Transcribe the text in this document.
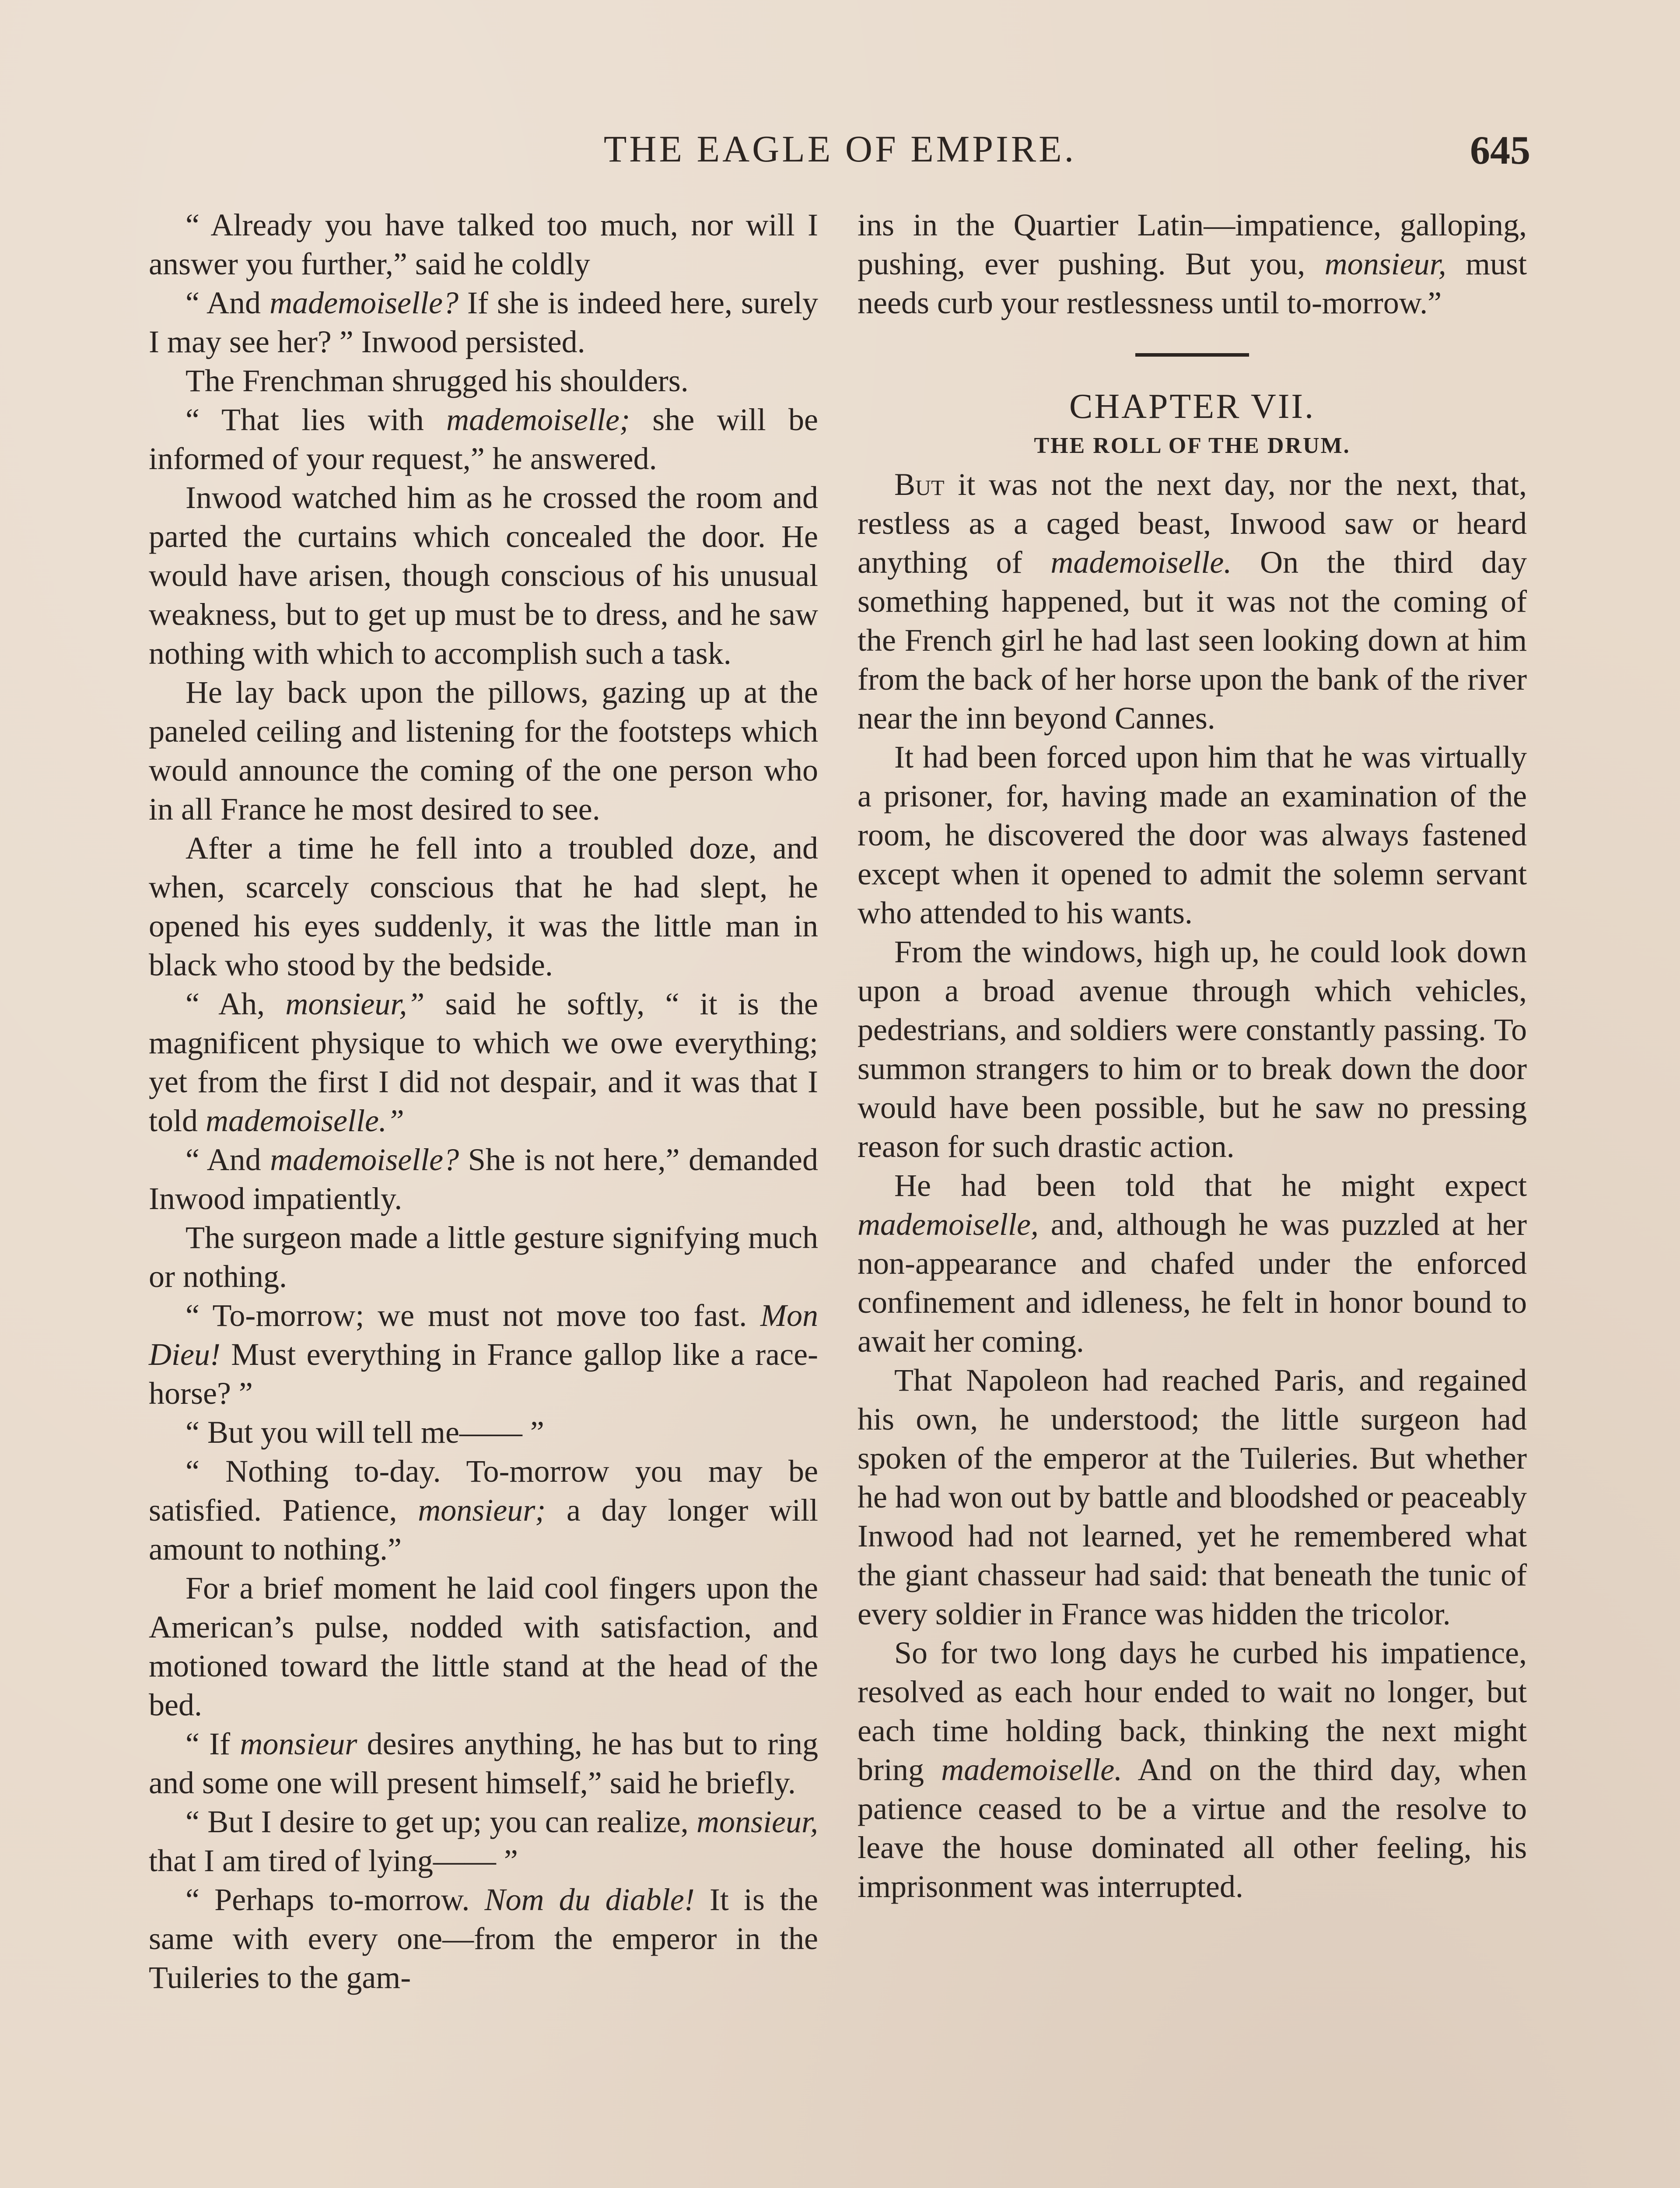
THE EAGLE OF EMPIRE.	645

“ Already you have talked too much, nor will I answer you further,” said he coldly

“ And mademoiselle? If she is indeed here, surely I may see her? ” Inwood persisted.

The Frenchman shrugged his shoulders.

“ That lies with mademoiselle; she will be informed of your request,” he answered.

Inwood watched him as he crossed the room and parted the curtains which concealed the door. He would have arisen, though conscious of his unusual weakness, but to get up must be to dress, and he saw nothing with which to accomplish such a task.

He lay back upon the pillows, gazing up at the paneled ceiling and listening for the footsteps which would announce the coming of the one person who in all France he most desired to see.

After a time he fell into a troubled doze, and when, scarcely conscious that he had slept, he opened his eyes suddenly, it was the little man in black who stood by the bedside.

“ Ah, monsieur,” said he softly, “ it is the magnificent physique to which we owe everything; yet from the first I did not despair, and it was that I told mademoiselle.”

“ And mademoiselle? She is not here,” demanded Inwood impatiently.

The surgeon made a little gesture signifying much or nothing.

“ To-morrow; we must not move too fast. Mon Dieu! Must everything in France gallop like a race-horse? ”

“ But you will tell me—— ”

“ Nothing to-day. To-morrow you may be satisfied. Patience, monsieur; a day longer will amount to nothing.”

For a brief moment he laid cool fingers upon the American’s pulse, nodded with satisfaction, and motioned toward the little stand at the head of the bed.

“ If monsieur desires anything, he has but to ring and some one will present himself,” said he briefly.

“ But I desire to get up; you can realize, monsieur, that I am tired of lying—— ”

“ Perhaps to-morrow. Nom du diable! It is the same with every one—from the emperor in the Tuileries to the gam-

ins in the Quartier Latin—impatience, galloping, pushing, ever pushing. But you, monsieur, must needs curb your restlessness until to-morrow.”

CHAPTER VII.

THE ROLL OF THE DRUM.

But it was not the next day, nor the next, that, restless as a caged beast, Inwood saw or heard anything of mademoiselle. On the third day something happened, but it was not the coming of the French girl he had last seen looking down at him from the back of her horse upon the bank of the river near the inn beyond Cannes.

It had been forced upon him that he was virtually a prisoner, for, having made an examination of the room, he discovered the door was always fastened except when it opened to admit the solemn servant who attended to his wants.

From the windows, high up, he could look down upon a broad avenue through which vehicles, pedestrians, and soldiers were constantly passing. To summon strangers to him or to break down the door would have been possible, but he saw no pressing reason for such drastic action.

He had been told that he might expect mademoiselle, and, although he was puzzled at her non-appearance and chafed under the enforced confinement and idleness, he felt in honor bound to await her coming.

That Napoleon had reached Paris, and regained his own, he understood; the little surgeon had spoken of the emperor at the Tuileries. But whether he had won out by battle and bloodshed or peaceably Inwood had not learned, yet he remembered what the giant chasseur had said: that beneath the tunic of every soldier in France was hidden the tricolor.

So for two long days he curbed his impatience, resolved as each hour ended to wait no longer, but each time holding back, thinking the next might bring mademoiselle. And on the third day, when patience ceased to be a virtue and the resolve to leave the house dominated all other feeling, his imprisonment was interrupted.
